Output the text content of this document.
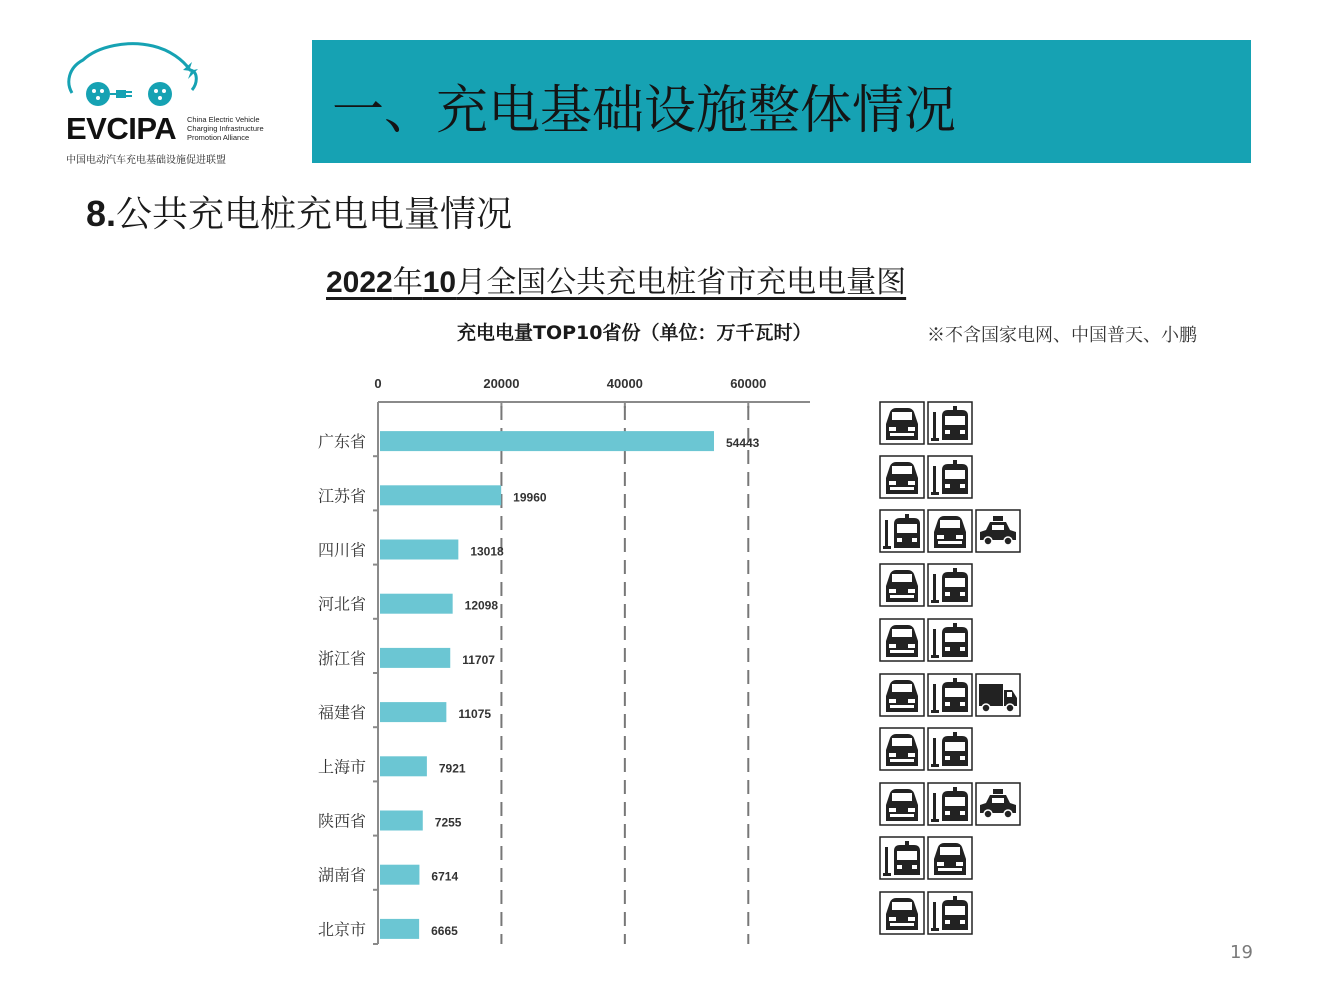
EVCIPA China Electric Vehicle
Charging Infrastructure
Promotion Alliance
中国电动汽车充电基础设施促进联盟
一、充电基础设施整体情况
8.公共充电桩充电电量情况
2022年10月全国公共充电桩省市充电电量图
充电电量TOP10省份（单位：万千瓦时）	※不含国家电网、中国普天、小鹏
0	20000	40000	60000
广东省	54443
江苏省	19960
四川省	13018
河北省	12098
浙江省	11707
福建省	11075
上海市	7921
陕西省	7255
湖南省	6714
北京市	6665
19
